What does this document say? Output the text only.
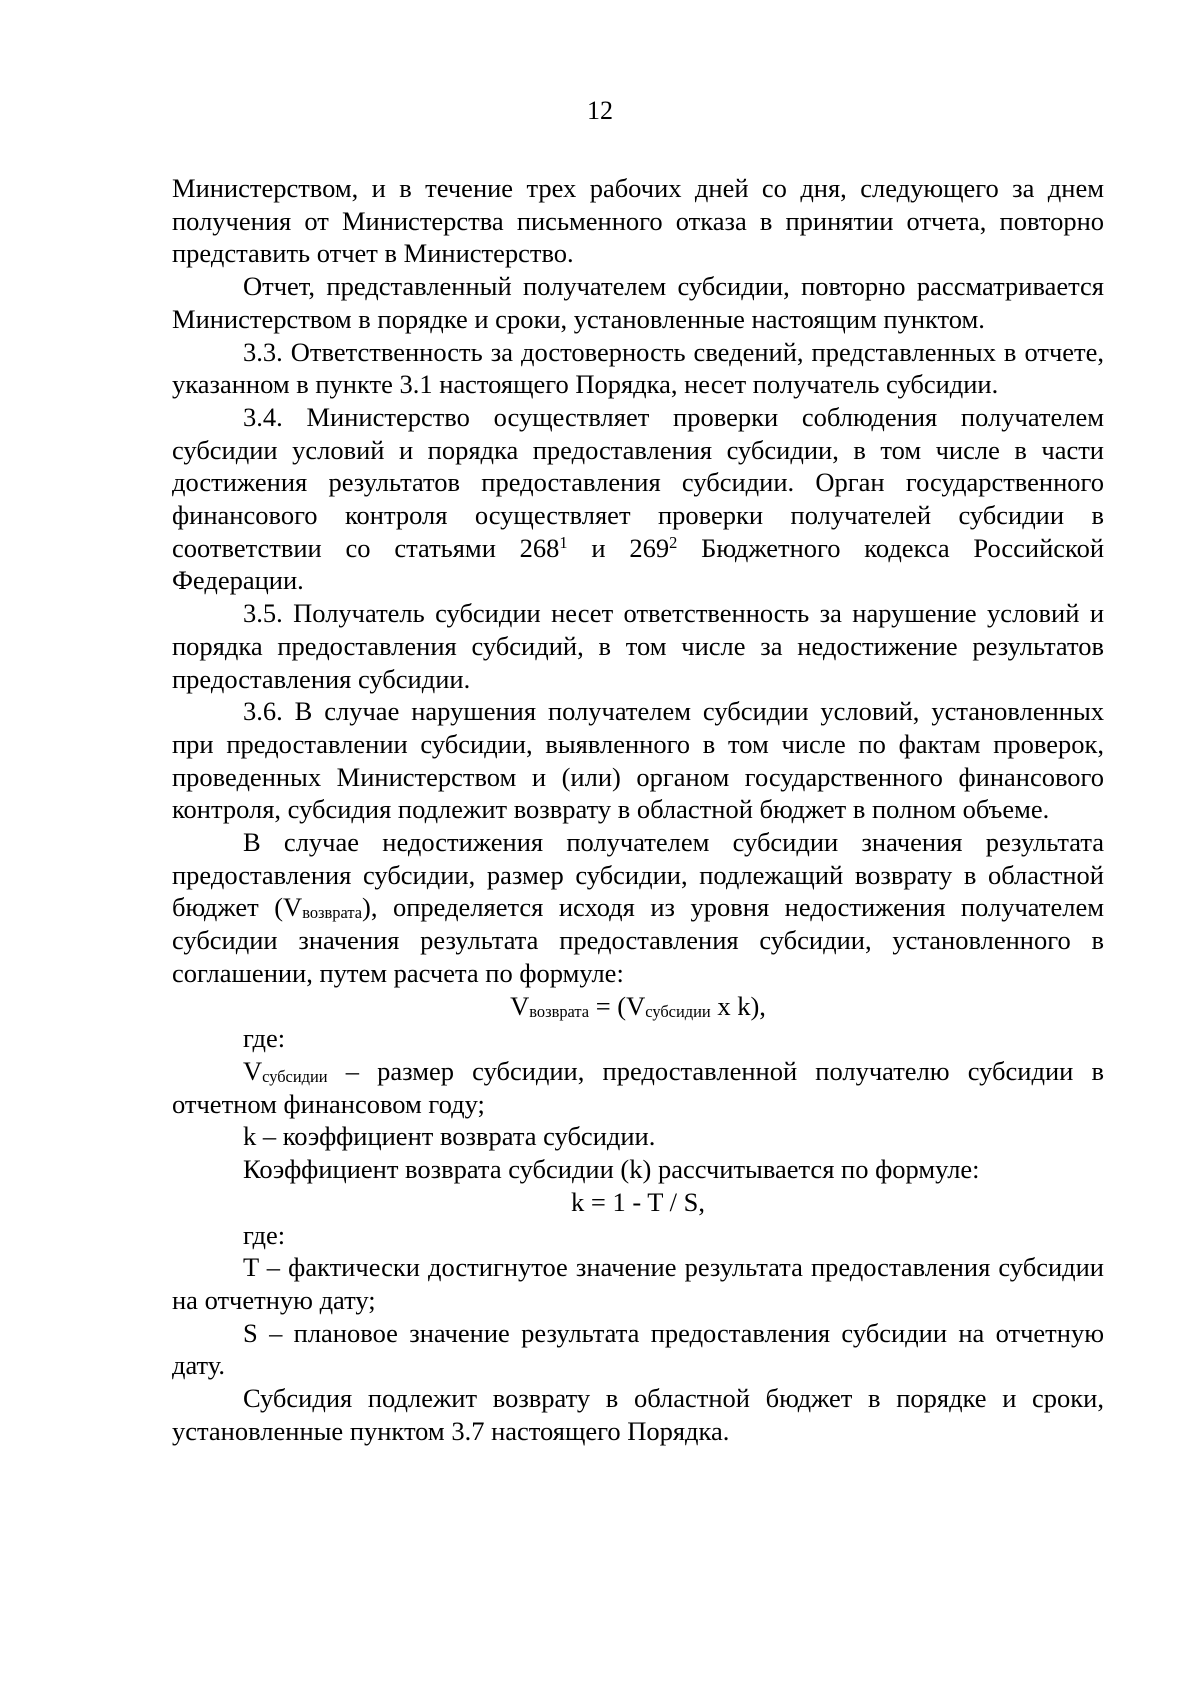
12

Министерством, и в течение трех рабочих дней со дня, следующего за днем получения от Министерства письменного отказа в принятии отчета, повторно представить отчет в Министерство.

Отчет, представленный получателем субсидии, повторно рассматривается Министерством в порядке и сроки, установленные настоящим пунктом.

3.3. Ответственность за достоверность сведений, представленных в отчете, указанном в пункте 3.1 настоящего Порядка, несет получатель субсидии.

3.4. Министерство осуществляет проверки соблюдения получателем субсидии условий и порядка предоставления субсидии, в том числе в части достижения результатов предоставления субсидии. Орган государственного финансового контроля осуществляет проверки получателей субсидии в соответствии со статьями $268^1$ и $269^2$ Бюджетного кодекса Российской Федерации.

3.5. Получатель субсидии несет ответственность за нарушение условий и порядка предоставления субсидий, в том числе за недостижение результатов предоставления субсидии.

3.6. В случае нарушения получателем субсидии условий, установленных при предоставлении субсидии, выявленного в том числе по фактам проверок, проведенных Министерством и (или) органом государственного финансового контроля, субсидия подлежит возврату в областной бюджет в полном объеме.

В случае недостижения получателем субсидии значения результата предоставления субсидии, размер субсидии, подлежащий возврату в областной бюджет $(V_{возврата})$, определяется исходя из уровня недостижения получателем субсидии значения результата предоставления субсидии, установленного в соглашении, путем расчета по формуле:

$V_{возврата} = (V_{субсидии}$ x k),

где:

$V_{субсидии}$ – размер субсидии, предоставленной получателю субсидии в отчетном финансовом году;

k – коэффициент возврата субсидии.

Коэффициент возврата субсидии (k) рассчитывается по формуле:

k = 1 - T / S,

где:

T – фактически достигнутое значение результата предоставления субсидии на отчетную дату;

S – плановое значение результата предоставления субсидии на отчетную дату.

Субсидия подлежит возврату в областной бюджет в порядке и сроки, установленные пунктом 3.7 настоящего Порядка.
